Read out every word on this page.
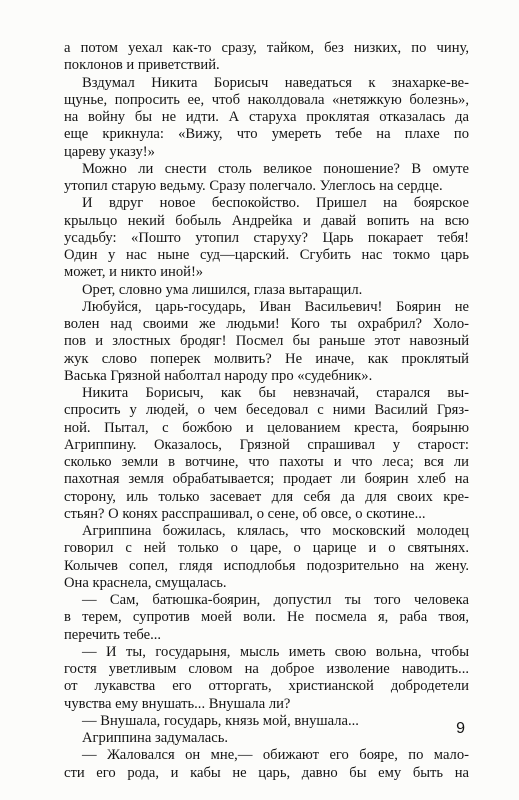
а потом уехал как-то сразу, тайком, без низких, по чину,
поклонов и приветствий.
Вздумал Никита Борисыч наведаться к знахарке-ве-
щунье, попросить ее, чтоб наколдовала «нетяжкую болезнь»,
на войну бы не идти. А старуха проклятая отказалась да
еще крикнула: «Вижу, что умереть тебе на плахе по
цареву указу!»
Можно ли снести столь великое поношение? В омуте
утопил старую ведьму. Сразу полегчало. Улеглось на сердце.
И вдруг новое беспокойство. Пришел на боярское
крыльцо некий бобыль Андрейка и давай вопить на всю
усадьбу: «Пошто утопил старуху? Царь покарает тебя!
Один у нас ныне суд—царский. Сгубить нас токмо царь
может, и никто иной!»
Орет, словно ума лишился, глаза вытаращил.
Любуйся, царь-государь, Иван Васильевич! Боярин не
волен над своими же людьми! Кого ты охрабрил? Холо-
пов и злостных бродяг! Посмел бы раньше этот навозный
жук слово поперек молвить? Не иначе, как проклятый
Васька Грязной наболтал народу про «судебник».
Никита Борисыч, как бы невзначай, старался вы-
спросить у людей, о чем беседовал с ними Василий Гряз-
ной. Пытал, с божбою и целованием креста, боярыню
Агриппину. Оказалось, Грязной спрашивал у старост:
сколько земли в вотчине, что пахоты и что леса; вся ли
пахотная земля обрабатывается; продает ли боярин хлеб на
сторону, иль только засевает для себя да для своих кре-
стьян? О конях расспрашивал, о сене, об овсе, о скотине...
Агриппина божилась, клялась, что московский молодец
говорил с ней только о царе, о царице и о святынях.
Колычев сопел, глядя исподлобья подозрительно на жену.
Она краснела, смущалась.
— Сам, батюшка-боярин, допустил ты того человека
в терем, супротив моей воли. Не посмела я, раба твоя,
перечить тебе...
— И ты, государыня, мысль иметь свою вольна, чтобы
гостя уветливым словом на доброе изволение наводить...
от лукавства его отторгать, христианской добродетели
чувства ему внушать... Внушала ли?
— Внушала, государь, князь мой, внушала...
Агриппина задумалась.
— Жаловался он мне,— обижают его бояре, по мало-
сти его рода, и кабы не царь, давно бы ему быть на
9
